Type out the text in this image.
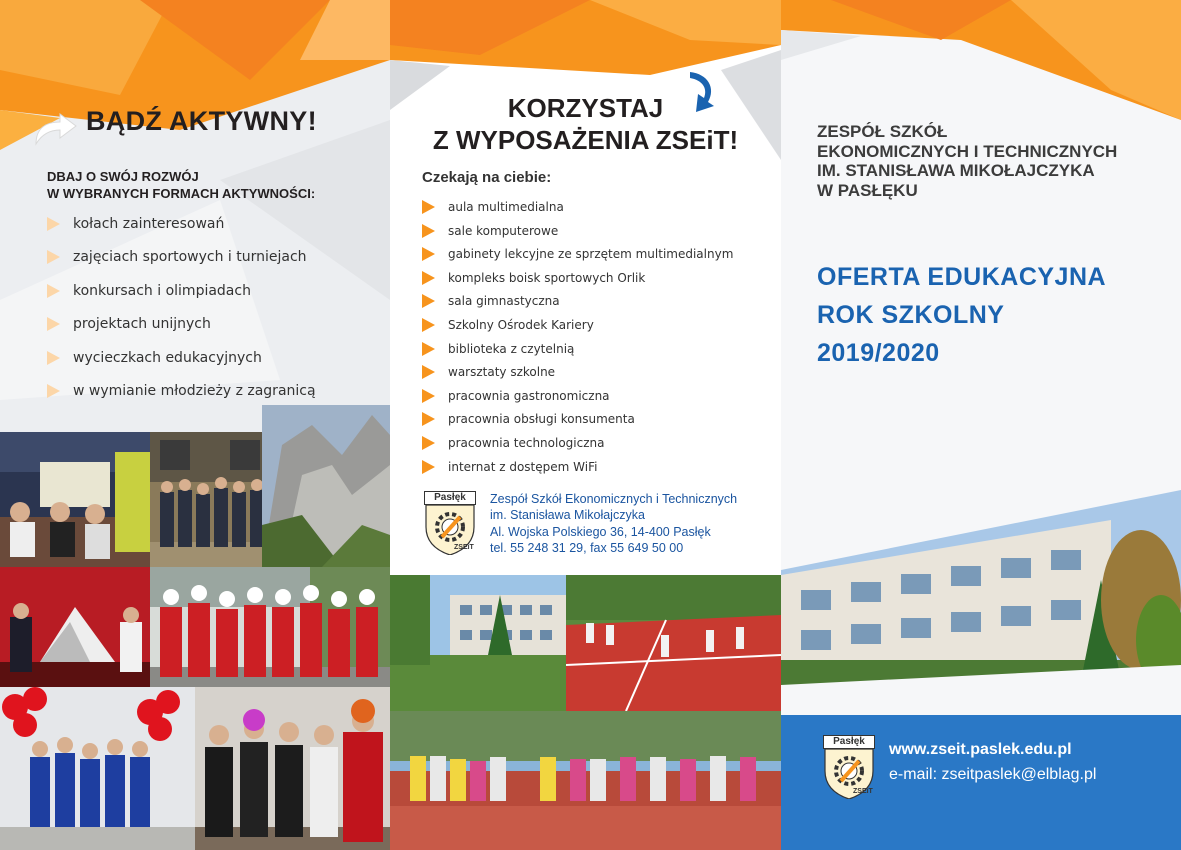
BĄDŹ AKTYWNY!
DBAJ O SWÓJ ROZWÓJ
W WYBRANYCH FORMACH AKTYWNOŚCI:
kołach zainteresowań
zajęciach sportowych i turniejach
konkursach i olimpiadach
projektach unijnych
wycieczkach edukacyjnych
w wymianie młodzieży z zagranicą
KORZYSTAJ
Z WYPOSAŻENIA ZSEiT!
Czekają na ciebie:
aula multimedialna
sale komputerowe
gabinety lekcyjne ze sprzętem multimedialnym
kompleks boisk sportowych Orlik
sala gimnastyczna
Szkolny Ośrodek Kariery
biblioteka z czytelnią
warsztaty szkolne
pracownia gastronomiczna
pracownia obsługi konsumenta
pracownia technologiczna
internat z dostępem WiFi
Pasłęk
ZSEiT
Zespół Szkół Ekonomicznych i Technicznych
im. Stanisława Mikołajczyka
Al. Wojska Polskiego 36, 14-400 Pasłęk
tel. 55 248 31 29, fax 55 649 50 00
ZESPÓŁ SZKÓŁ
EKONOMICZNYCH I TECHNICZNYCH
IM. STANISŁAWA MIKOŁAJCZYKA
W PASŁĘKU
OFERTA EDUKACYJNA
ROK SZKOLNY
2019/2020
Pasłęk
ZSEiT
www.zseit.paslek.edu.pl
e-mail: zseitpaslek@elblag.pl
